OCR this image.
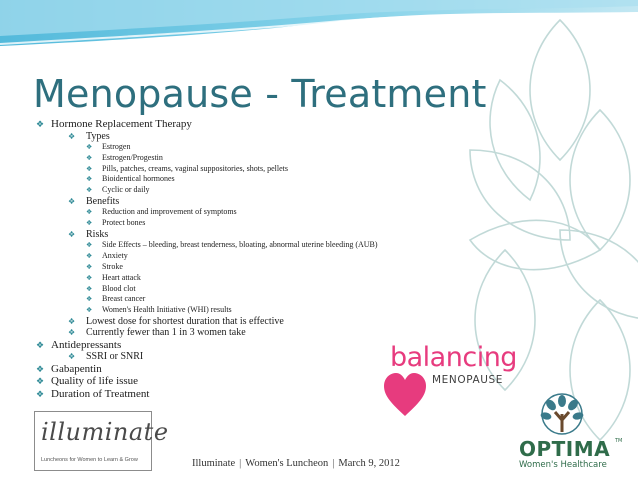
Menopause - Treatment
❖ Hormone Replacement Therapy
❖ Types
❖ Estrogen
❖ Estrogen/Progestin
❖ Pills, patches, creams, vaginal suppositories, shots, pellets
❖ Bioidentical hormones
❖ Cyclic or daily
❖ Benefits
❖ Reduction and improvement of symptoms
❖ Protect bones
❖ Risks
❖ Side Effects – bleeding, breast tenderness, bloating, abnormal uterine bleeding (AUB)
❖ Anxiety
❖ Stroke
❖ Heart attack
❖ Blood clot
❖ Breast cancer
❖ Women's Health Initiative (WHI) results
❖ Lowest dose for shortest duration that is effective
❖ Currently fewer than 1 in 3 women take
❖ Antidepressants
❖ SSRI or SNRI
❖ Gabapentin
❖ Quality of life issue
❖ Duration of Treatment
illuminate
Luncheons for Women to Learn & Grow	Illuminate | Women's Luncheon | March 9, 2012
balancing
MENOPAUSE
OPTIMA TM
Women's Healthcare
